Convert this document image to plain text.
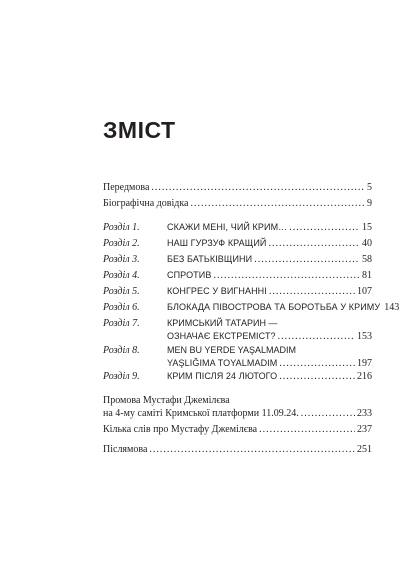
ЗМІСТ
Передмова .....	5
Біографічна довідка .....	9
Розділ 1.	СКАЖИ МЕНІ, ЧИЙ КРИМ… .....	15
Розділ 2.	НАШ ГУРЗУФ КРАЩИЙ .....	40
Розділ 3.	БЕЗ БАТЬКІВЩИНИ .....	58
Розділ 4.	СПРОТИВ .....	81
Розділ 5.	КОНГРЕС У ВИГНАННІ .....	107
Розділ 6.	БЛОКАДА ПІВОСТРОВА ТА БОРОТЬБА У КРИМУ 143
Розділ 7.	КРИМСЬКИЙ ТАТАРИН —
ОЗНАЧАЄ ЕКСТРЕМІСТ? .....	153
Розділ 8.	MEN BU YERDE YAŞALMADIM
YAŞLIĞIMA TOYALMADIM .....	197
Розділ 9.	КРИМ ПІСЛЯ 24 ЛЮТОГО .....	216
Промова Мустафи Джемілєва
на 4-му саміті Кримської платформи 11.09.24. .....	233
Кілька слів про Мустафу Джемілєва .....	237
Післямова .....	251
